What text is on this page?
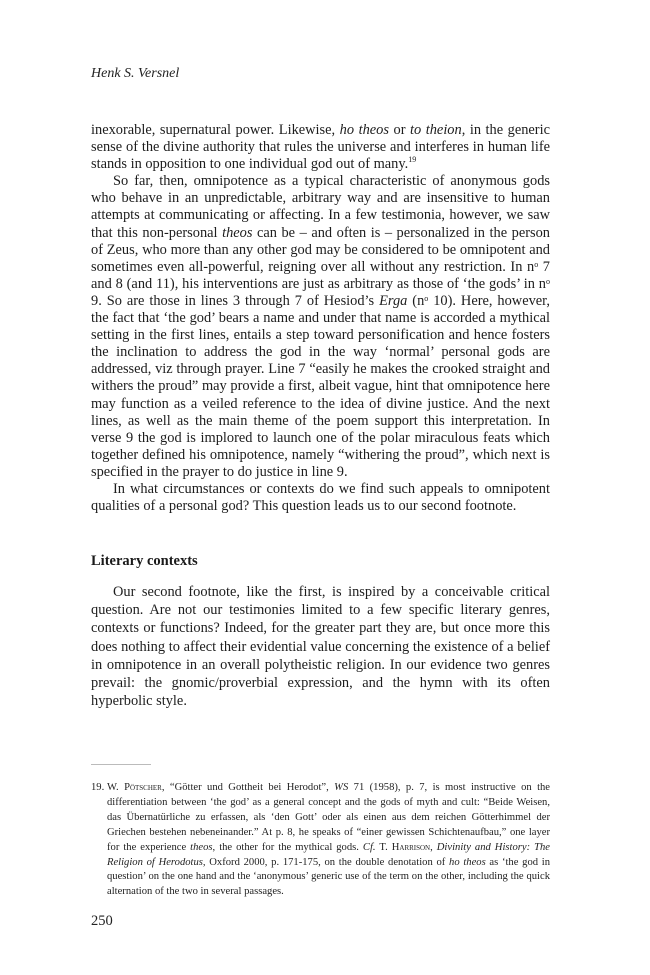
Henk S. Versnel

inexorable, supernatural power. Likewise, ho theos or to theion, in the generic sense of the divine authority that rules the universe and interferes in human life stands in opposition to one individual god out of many.$^{19}$

So far, then, omnipotence as a typical characteristic of anonymous gods who behave in an unpredictable, arbitrary way and are insensitive to human attempts at communicating or affecting. In a few testimonia, however, we saw that this non-personal theos can be – and often is – personalized in the person of Zeus, who more than any other god may be considered to be omnipotent and sometimes even all-powerful, reigning over all without any restriction. In $n^o$ 7 and 8 (and 11), his interventions are just as arbitrary as those of ‘the gods’ in $n^o$ 9. So are those in lines 3 through 7 of Hesiod’s Erga ($n^o$ 10). Here, however, the fact that ‘the god’ bears a name and under that name is accorded a mythical setting in the first lines, entails a step toward personification and hence fosters the inclination to address the god in the way ‘normal’ personal gods are addressed, viz through prayer. Line 7 “easily he makes the crooked straight and withers the proud” may provide a first, albeit vague, hint that omnipotence here may function as a veiled reference to the idea of divine justice. And the next lines, as well as the main theme of the poem support this interpretation. In verse 9 the god is implored to launch one of the polar miraculous feats which together defined his omnipotence, namely “withering the proud”, which next is specified in the prayer to do justice in line 9.

In what circumstances or contexts do we find such appeals to omnipotent qualities of a personal god? This question leads us to our second footnote.

Literary contexts

Our second footnote, like the first, is inspired by a conceivable critical question. Are not our testimonies limited to a few specific literary genres, contexts or functions? Indeed, for the greater part they are, but once more this does nothing to affect their evidential value concerning the existence of a belief in omnipotence in an overall polytheistic religion. In our evidence two genres prevail: the gnomic/proverbial expression, and the hymn with its often hyperbolic style.

19. W. Pötscher, “Götter und Gottheit bei Herodot”, WS 71 (1958), p. 7, is most instructive on the differentiation between ‘the god’ as a general concept and the gods of myth and cult: “Beide Weisen, das Übernatürliche zu erfassen, als ‘den Gott’ oder als einen aus dem reichen Götterhimmel der Griechen bestehen nebeneinander.” At p. 8, he speaks of “einer gewissen Schichtenaufbau,” one layer for the experience theos, the other for the mythical gods. Cf. T. Harrison, Divinity and History: The Religion of Herodotus, Oxford 2000, p. 171-175, on the double denotation of ho theos as ‘the god in question’ on the one hand and the ‘anonymous’ generic use of the term on the other, including the quick alternation of the two in several passages.
250
